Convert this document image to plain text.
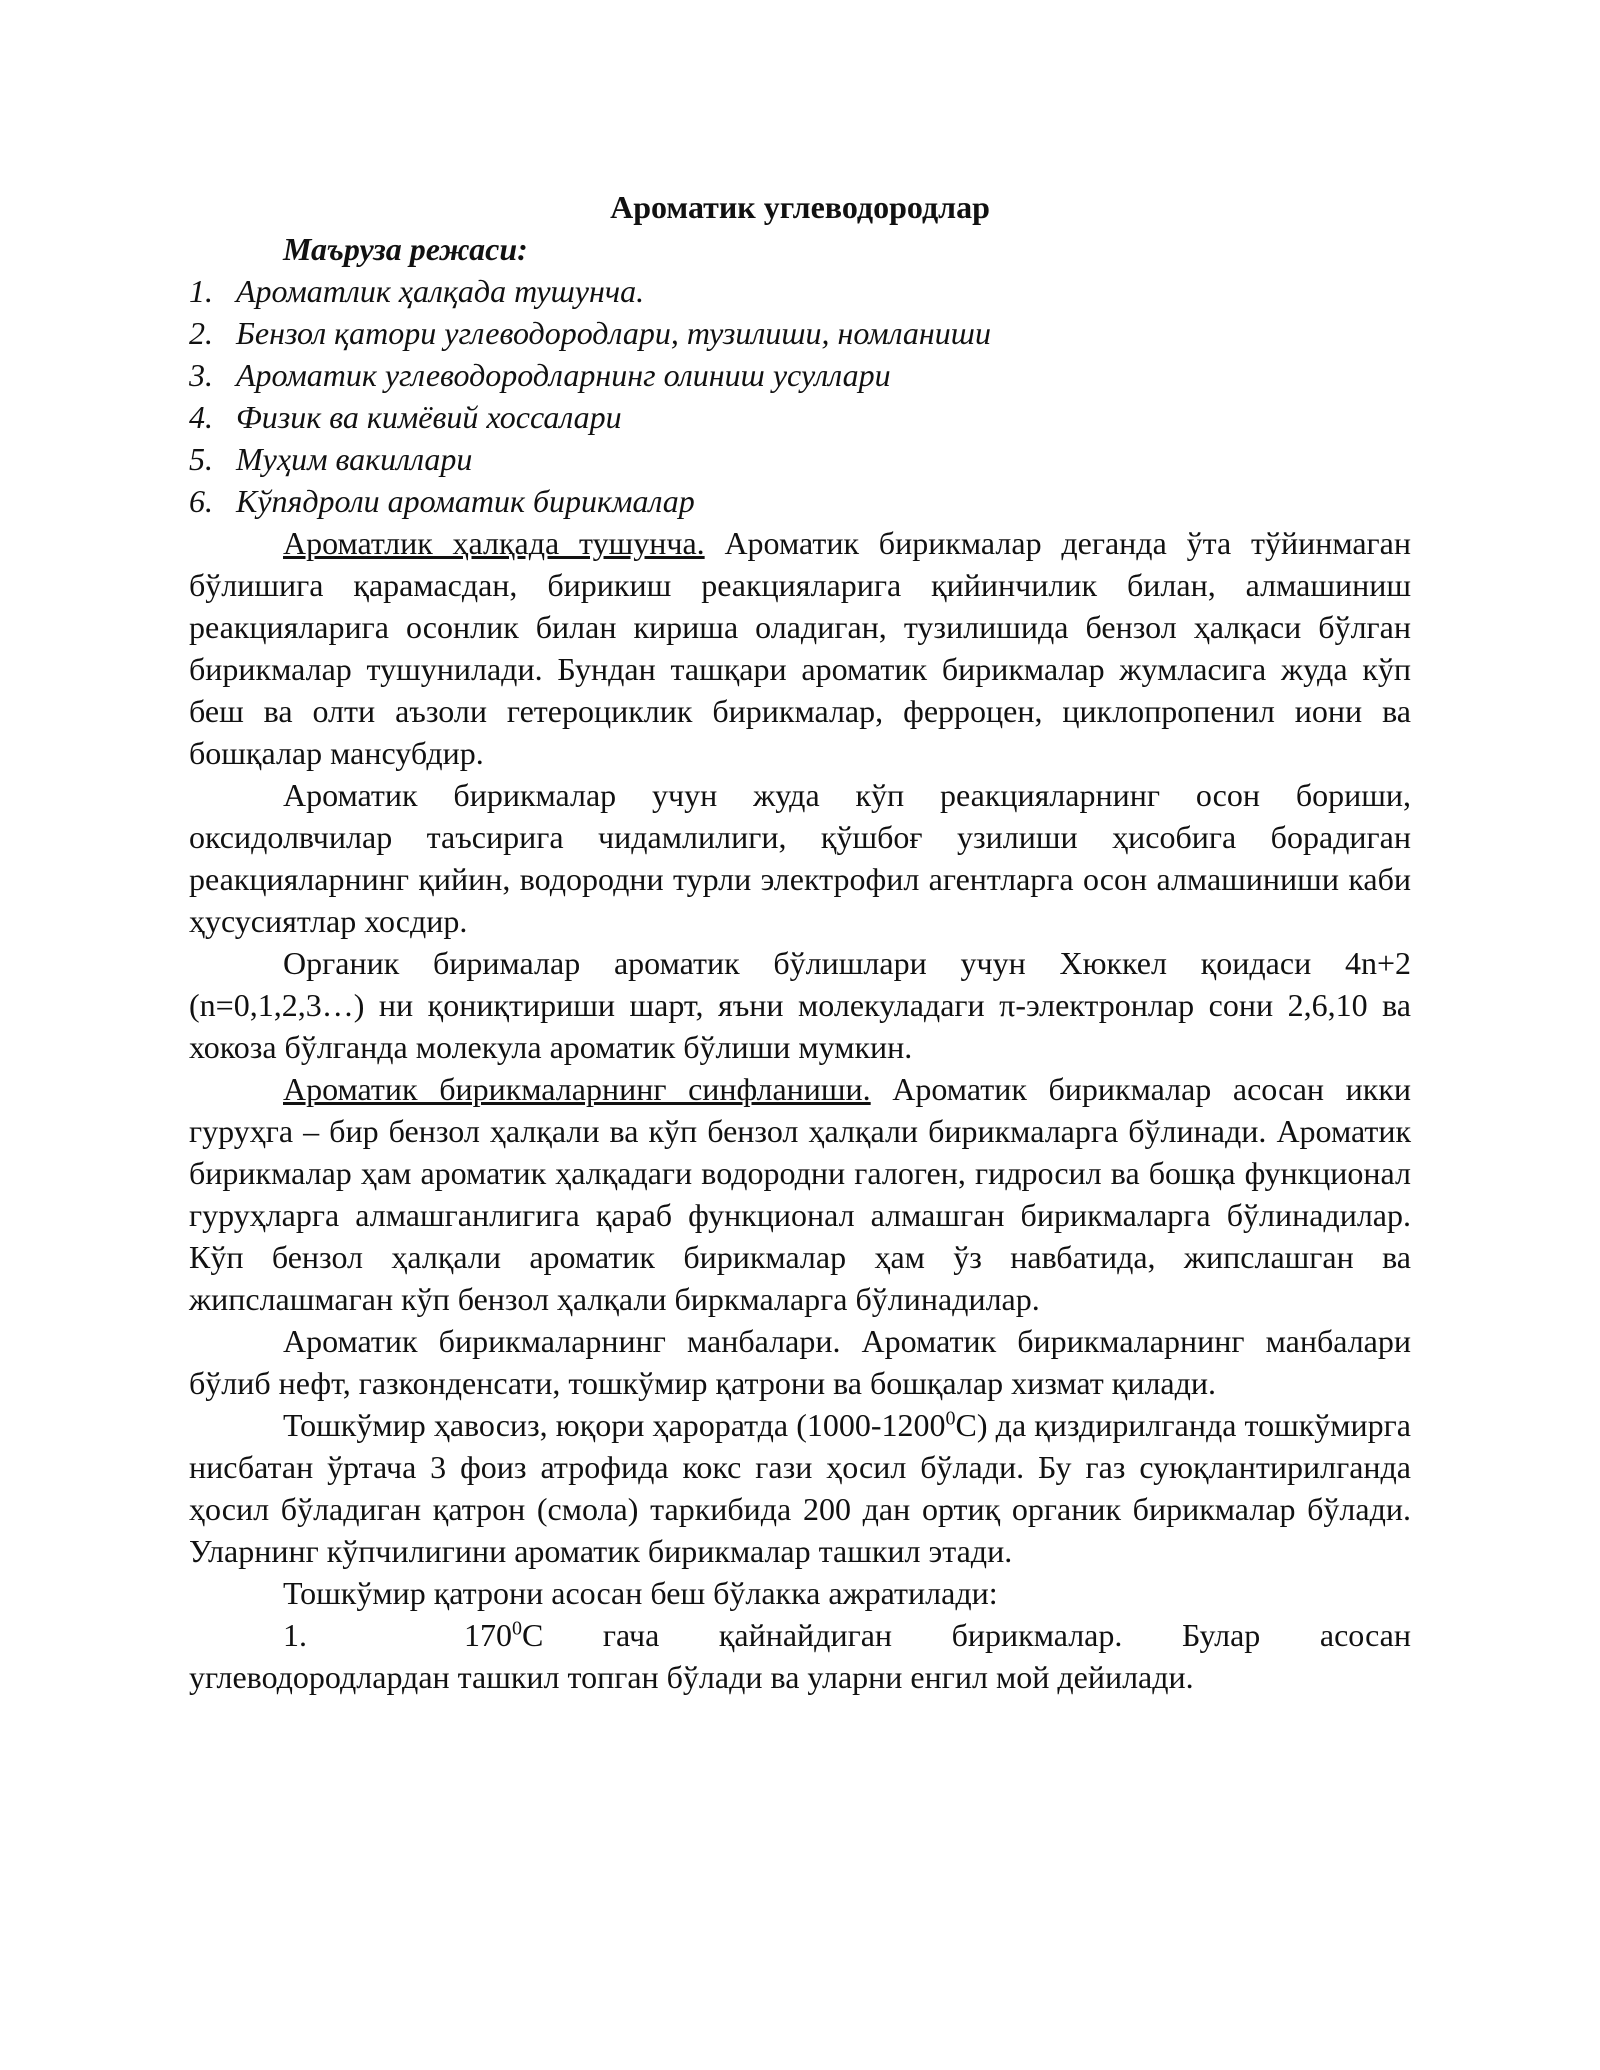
Ароматик углеводородлар
Маъруза режаси:
1. Ароматлик ҳалқада тушунча.
2. Бензол қатори углеводородлари, тузилиши, номланиши
3. Ароматик углеводородларнинг олиниш усуллари
4. Физик ва кимёвий хоссалари
5. Муҳим вакиллари
6. Кўпядроли ароматик бирикмалар

Ароматлик ҳалқада тушунча. Ароматик бирикмалар деганда ўта тўйинмаган бўлишига қарамасдан, бирикиш реакцияларига қийинчилик билан, алмашиниш реакцияларига осонлик билан кириша оладиган, тузилишида бензол ҳалқаси бўлган бирикмалар тушунилади. Бундан ташқари ароматик бирикмалар жумласига жуда кўп беш ва олти аъзоли гетероциклик бирикмалар, ферроцен, циклопропенил иони ва бошқалар мансубдир.

Ароматик бирикмалар учун жуда кўп реакцияларнинг осон бориши, оксидолвчилар таъсирига чидамлилиги, қўшбоғ узилиши ҳисобига борадиган реакцияларнинг қийин, водородни турли электрофил агентларга осон алмашиниши каби ҳусусиятлар хосдир.

Органик бирималар ароматик бўлишлари учун Хюккел қоидаси 4n+2 (n=0,1,2,3…) ни қониқтириши шарт, яъни молекуладаги π-электронлар сони 2,6,10 ва хокоза бўлганда молекула ароматик бўлиши мумкин.

Ароматик бирикмаларнинг синфланиши. Ароматик бирикмалар асосан икки гуруҳга – бир бензол ҳалқали ва кўп бензол ҳалқали бирикмаларга бўлинади. Ароматик бирикмалар ҳам ароматик ҳалқадаги водородни галоген, гидросил ва бошқа функционал гуруҳларга алмашганлигига қараб функционал алмашган бирикмаларга бўлинадилар. Кўп бензол ҳалқали ароматик бирикмалар ҳам ўз навбатида, жипслашган ва жипслашмаган кўп бензол ҳалқали биркмаларга бўлинадилар.

Ароматик бирикмаларнинг манбалари. Ароматик бирикмаларнинг манбалари бўлиб нефт, газконденсати, тошкўмир қатрони ва бошқалар хизмат қилади.

Тошкўмир ҳавосиз, юқори ҳароратда (1000-1200$^0$С) да қиздирилганда тошкўмирга нисбатан ўртача 3 фоиз атрофида кокс гази ҳосил бўлади. Бу газ суюқлантирилганда ҳосил бўладиган қатрон (смола) таркибида 200 дан ортиқ органик бирикмалар бўлади. Уларнинг кўпчилигини ароматик бирикмалар ташкил этади.

Тошкўмир қатрони асосан беш бўлакка ажратилади:

1.	$170^0С$ гача қайнайдиган бирикмалар. Булар асосан углеводородлардан ташкил топган бўлади ва уларни енгил мой дейилади.
